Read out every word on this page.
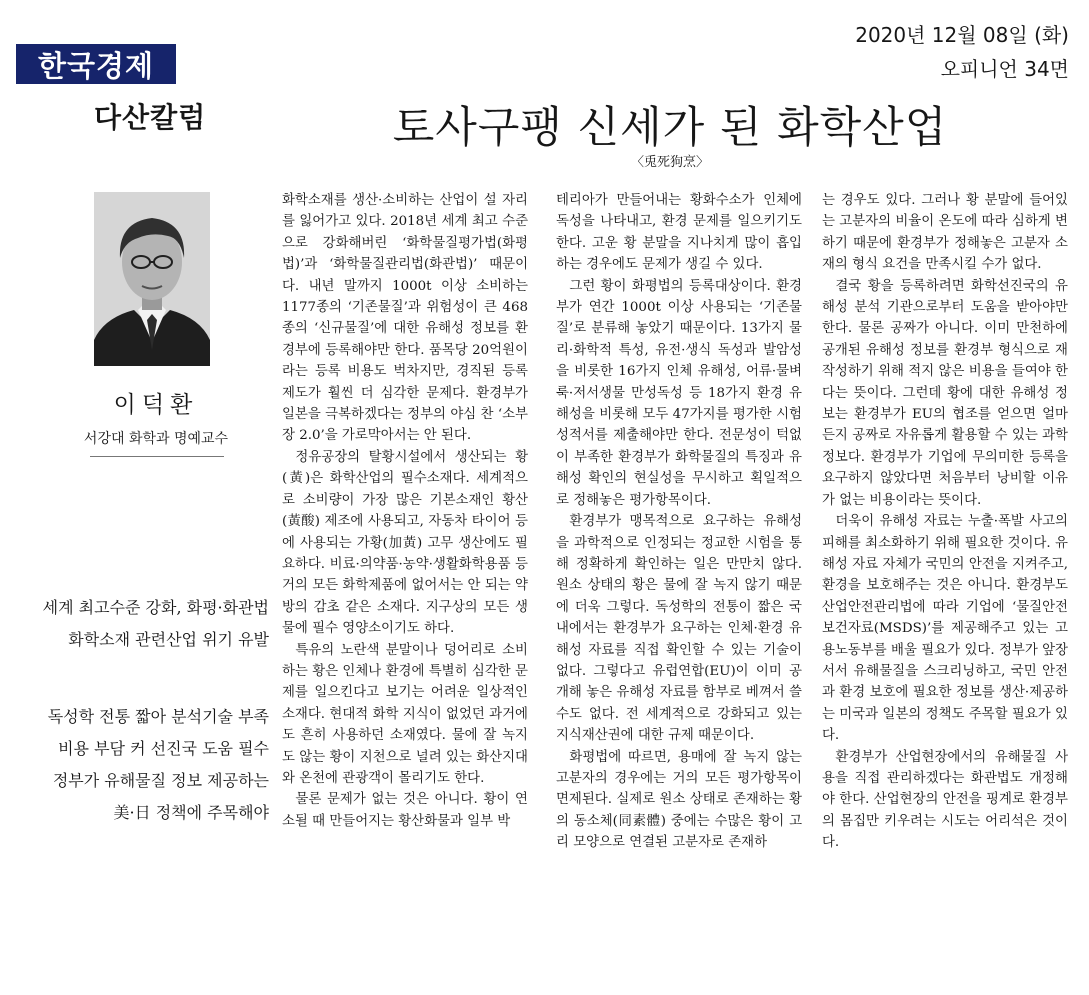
한국경제
다산칼럼
2020년 12월 08일 (화)
오피니언 34면
토사구팽 신세가 된 화학산업
〈兎死狗烹〉
이덕환
서강대 화학과 명예교수
세계 최고수준 강화, 화평·화관법
화학소재 관련산업 위기 유발
독성학 전통 짧아 분석기술 부족
비용 부담 커 선진국 도움 필수
정부가 유해물질 정보 제공하는
美·日 정책에 주목해야

화학소재를 생산·소비하는 산업이 설 자리를 잃어가고 있다. 2018년 세계 최고 수준으로 강화해버린 ‘화학물질평가법(화평법)’과 ‘화학물질관리법(화관법)’ 때문이다. 내년 말까지 1000t 이상 소비하는 1177종의 ‘기존물질’과 위험성이 큰 468종의 ‘신규물질’에 대한 유해성 정보를 환경부에 등록해야만 한다. 품목당 20억원이라는 등록 비용도 벅차지만, 경직된 등록 제도가 훨씬 더 심각한 문제다. 환경부가 일본을 극복하겠다는 정부의 야심 찬 ‘소부장 2.0’을 가로막아서는 안 된다.

정유공장의 탈황시설에서 생산되는 황(黃)은 화학산업의 필수소재다. 세계적으로 소비량이 가장 많은 기본소재인 황산(黃酸) 제조에 사용되고, 자동차 타이어 등에 사용되는 가황(加黃) 고무 생산에도 필요하다. 비료·의약품·농약·생활화학용품 등 거의 모든 화학제품에 없어서는 안 되는 약방의 감초 같은 소재다. 지구상의 모든 생물에 필수 영양소이기도 하다.

특유의 노란색 분말이나 덩어리로 소비하는 황은 인체나 환경에 특별히 심각한 문제를 일으킨다고 보기는 어려운 일상적인 소재다. 현대적 화학 지식이 없었던 과거에도 흔히 사용하던 소재였다. 물에 잘 녹지도 않는 황이 지천으로 널려 있는 화산지대와 온천에 관광객이 몰리기도 한다.

물론 문제가 없는 것은 아니다. 황이 연소될 때 만들어지는 황산화물과 일부 박

테리아가 만들어내는 황화수소가 인체에 독성을 나타내고, 환경 문제를 일으키기도 한다. 고운 황 분말을 지나치게 많이 흡입하는 경우에도 문제가 생길 수 있다.

그런 황이 화평법의 등록대상이다. 환경부가 연간 1000t 이상 사용되는 ‘기존물질’로 분류해 놓았기 때문이다. 13가지 물리·화학적 특성, 유전·생식 독성과 발암성을 비롯한 16가지 인체 유해성, 어류·물벼룩·저서생물 만성독성 등 18가지 환경 유해성을 비롯해 모두 47가지를 평가한 시험성적서를 제출해야만 한다. 전문성이 턱없이 부족한 환경부가 화학물질의 특징과 유해성 확인의 현실성을 무시하고 획일적으로 정해놓은 평가항목이다.

환경부가 맹목적으로 요구하는 유해성을 과학적으로 인정되는 정교한 시험을 통해 정확하게 확인하는 일은 만만치 않다. 원소 상태의 황은 물에 잘 녹지 않기 때문에 더욱 그렇다. 독성학의 전통이 짧은 국내에서는 환경부가 요구하는 인체·환경 유해성 자료를 직접 확인할 수 있는 기술이 없다. 그렇다고 유럽연합(EU)이 이미 공개해 놓은 유해성 자료를 함부로 베껴서 쓸 수도 없다. 전 세계적으로 강화되고 있는 지식재산권에 대한 규제 때문이다.

화평법에 따르면, 용매에 잘 녹지 않는 고분자의 경우에는 거의 모든 평가항목이 면제된다. 실제로 원소 상태로 존재하는 황의 동소체(同素體) 중에는 수많은 황이 고리 모양으로 연결된 고분자로 존재하

는 경우도 있다. 그러나 황 분말에 들어있는 고분자의 비율이 온도에 따라 심하게 변하기 때문에 환경부가 정해놓은 고분자 소재의 형식 요건을 만족시킬 수가 없다.

결국 황을 등록하려면 화학선진국의 유해성 분석 기관으로부터 도움을 받아야만 한다. 물론 공짜가 아니다. 이미 만천하에 공개된 유해성 정보를 환경부 형식으로 재작성하기 위해 적지 않은 비용을 들여야 한다는 뜻이다. 그런데 황에 대한 유해성 정보는 환경부가 EU의 협조를 얻으면 얼마든지 공짜로 자유롭게 활용할 수 있는 과학정보다. 환경부가 기업에 무의미한 등록을 요구하지 않았다면 처음부터 낭비할 이유가 없는 비용이라는 뜻이다.

더욱이 유해성 자료는 누출·폭발 사고의 피해를 최소화하기 위해 필요한 것이다. 유해성 자료 자체가 국민의 안전을 지켜주고, 환경을 보호해주는 것은 아니다. 환경부도 산업안전관리법에 따라 기업에 ‘물질안전보건자료(MSDS)’를 제공해주고 있는 고용노동부를 배울 필요가 있다. 정부가 앞장서서 유해물질을 스크리닝하고, 국민 안전과 환경 보호에 필요한 정보를 생산·제공하는 미국과 일본의 정책도 주목할 필요가 있다.

환경부가 산업현장에서의 유해물질 사용을 직접 관리하겠다는 화관법도 개정해야 한다. 산업현장의 안전을 핑계로 환경부의 몸집만 키우려는 시도는 어리석은 것이다.
